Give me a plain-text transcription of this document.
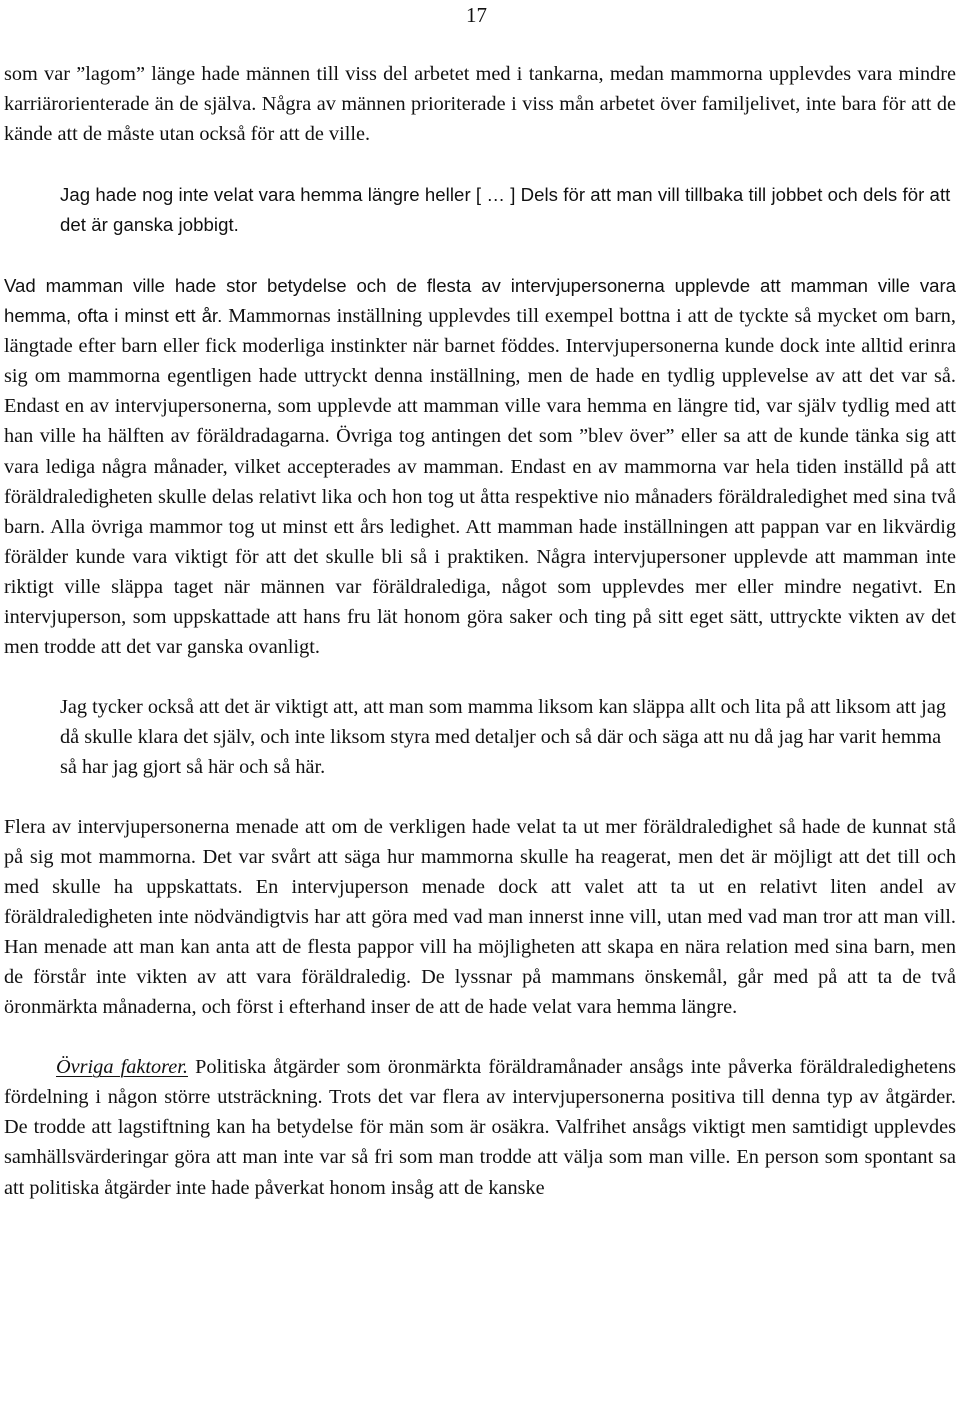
17

som var ”lagom” länge hade männen till viss del arbetet med i tankarna, medan mammorna upplevdes vara mindre karriärorienterade än de själva. Några av männen prioriterade i viss mån arbetet över familjelivet, inte bara för att de kände att de måste utan också för att de ville.

Jag hade nog inte velat vara hemma längre heller [ … ] Dels för att man vill tillbaka till jobbet och dels för att det är ganska jobbigt.

Vad mamman ville hade stor betydelse och de flesta av intervjupersonerna upplevde att mamman ville vara hemma, ofta i minst ett år. Mammornas inställning upplevdes till exempel bottna i att de tyckte så mycket om barn, längtade efter barn eller fick moderliga instinkter när barnet föddes. Intervjupersonerna kunde dock inte alltid erinra sig om mammorna egentligen hade uttryckt denna inställning, men de hade en tydlig upplevelse av att det var så. Endast en av intervjupersonerna, som upplevde att mamman ville vara hemma en längre tid, var själv tydlig med att han ville ha hälften av föräldradagarna. Övriga tog antingen det som ”blev över” eller sa att de kunde tänka sig att vara lediga några månader, vilket accepterades av mamman. Endast en av mammorna var hela tiden inställd på att föräldraledigheten skulle delas relativt lika och hon tog ut åtta respektive nio månaders föräldraledighet med sina två barn. Alla övriga mammor tog ut minst ett års ledighet. Att mamman hade inställningen att pappan var en likvärdig förälder kunde vara viktigt för att det skulle bli så i praktiken. Några intervjupersoner upplevde att mamman inte riktigt ville släppa taget när männen var föräldralediga, något som upplevdes mer eller mindre negativt. En intervjuperson, som uppskattade att hans fru lät honom göra saker och ting på sitt eget sätt, uttryckte vikten av det men trodde att det var ganska ovanligt.

Jag tycker också att det är viktigt att, att man som mamma liksom kan släppa allt och lita på att liksom att jag då skulle klara det själv, och inte liksom styra med detaljer och så där och säga att nu då jag har varit hemma så har jag gjort så här och så här.

Flera av intervjupersonerna menade att om de verkligen hade velat ta ut mer föräldraledighet så hade de kunnat stå på sig mot mammorna. Det var svårt att säga hur mammorna skulle ha reagerat, men det är möjligt att det till och med skulle ha uppskattats. En intervjuperson menade dock att valet att ta ut en relativt liten andel av föräldraledigheten inte nödvändigtvis har att göra med vad man innerst inne vill, utan med vad man tror att man vill. Han menade att man kan anta att de flesta pappor vill ha möjligheten att skapa en nära relation med sina barn, men de förstår inte vikten av att vara föräldraledig. De lyssnar på mammans önskemål, går med på att ta de två öronmärkta månaderna, och först i efterhand inser de att de hade velat vara hemma längre.

Övriga faktorer. Politiska åtgärder som öronmärkta föräldramånader ansågs inte påverka föräldraledighetens fördelning i någon större utsträckning. Trots det var flera av intervjupersonerna positiva till denna typ av åtgärder. De trodde att lagstiftning kan ha betydelse för män som är osäkra. Valfrihet ansågs viktigt men samtidigt upplevdes samhällsvärderingar göra att man inte var så fri som man trodde att välja som man ville. En person som spontant sa att politiska åtgärder inte hade påverkat honom insåg att de kanske
